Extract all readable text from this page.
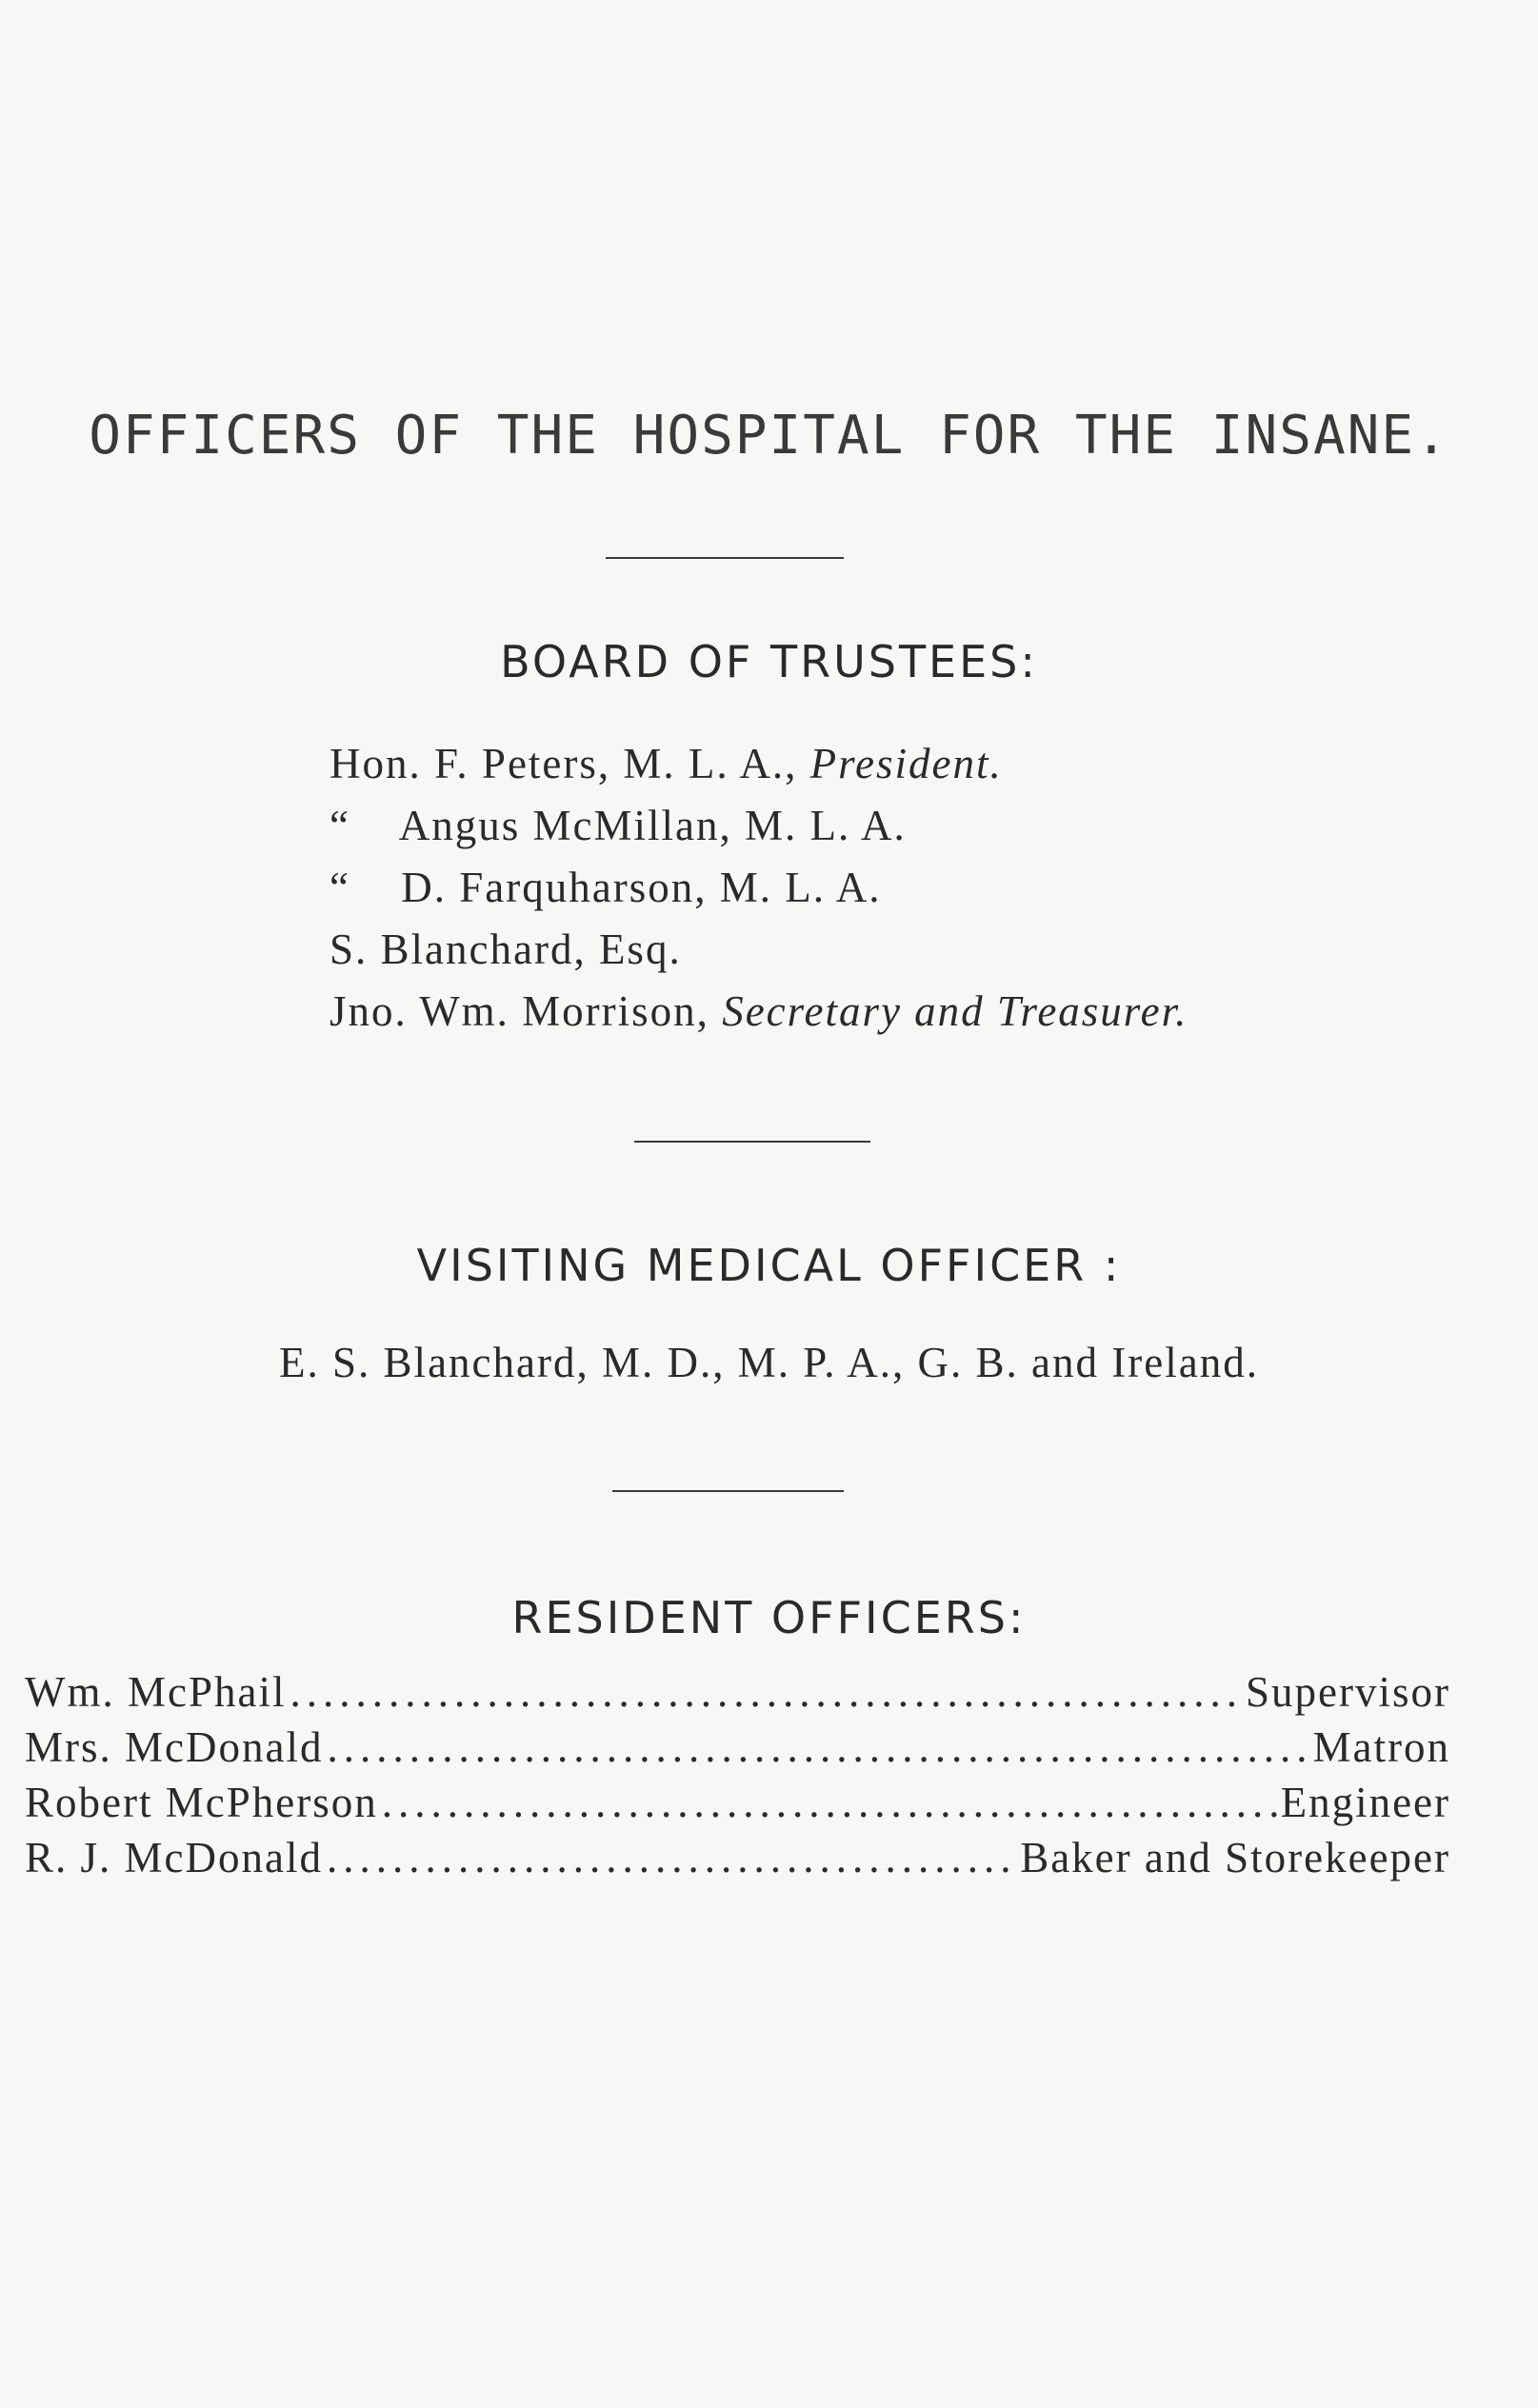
OFFICERS OF THE HOSPITAL FOR THE INSANE.
BOARD OF TRUSTEES:
Hon. F. Peters, M. L. A., President.
“ Angus McMillan, M. L. A.
“ D. Farquharson, M. L. A.
S. Blanchard, Esq.
Jno. Wm. Morrison, Secretary and Treasurer.
VISITING MEDICAL OFFICER :
E. S. Blanchard, M. D., M. P. A., G. B. and Ireland.
RESIDENT OFFICERS:
Wm. McPhail .....	Supervisor
Mrs. McDonald .....	Matron
Robert McPherson .....	Engineer
R. J. McDonald .....	Baker and Storekeeper
